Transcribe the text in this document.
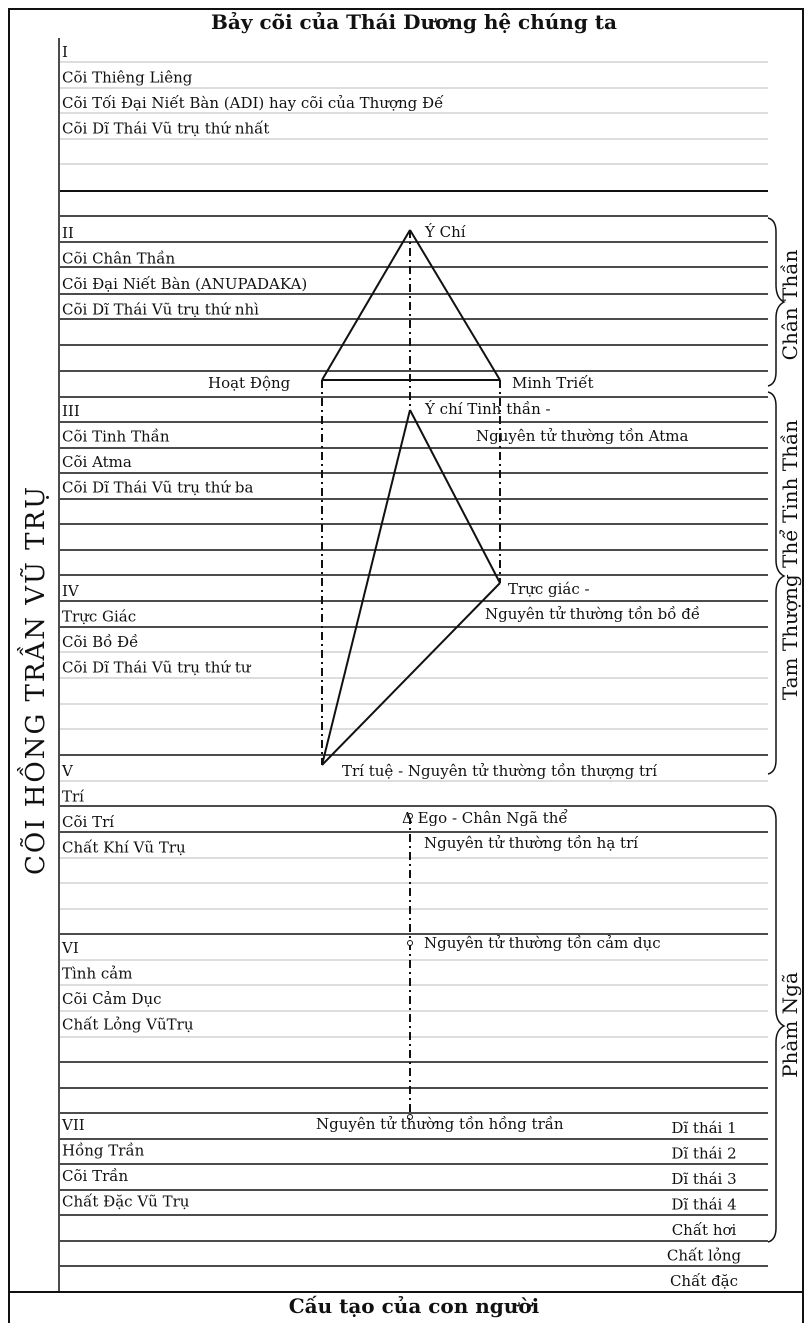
Bảy cõi của Thái Dương hệ chúng ta
Cấu tạo của con người
CÕI HỒNG TRẦN VŨ TRỤ
Chân Thần
Tam Thượng Thể Tinh Thần
Phàm Ngã
I
Cõi Thiêng Liêng
Cõi Tối Đại Niết Bàn (ADI) hay cõi của Thượng Đế
Cõi Dĩ Thái Vũ trụ thứ nhất
II
Cõi Chân Thần
Cõi Đại Niết Bàn (ANUPADAKA)
Cõi Dĩ Thái Vũ trụ thứ nhì
III
Cõi Tinh Thần
Cõi Atma
Cõi Dĩ Thái Vũ trụ thứ ba
IV
Trực Giác
Cõi Bồ Đề
Cõi Dĩ Thái Vũ trụ thứ tư
V
Trí
Cõi Trí
Chất Khí Vũ Trụ
VI
Tình cảm
Cõi Cảm Dục
Chất Lỏng VũTrụ
VII
Hồng Trần
Cõi Trần
Chất Đặc Vũ Trụ
Ý Chí
Hoạt Động	Minh Triết
Ý chí Tinh thần -
Nguyên tử thường tồn Atma
Trực giác -
Nguyên tử thường tồn bồ đề
Trí tuệ - Nguyên tử thường tồn thượng trí
Δ Ego - Chân Ngã thể
Nguyên tử thường tồn hạ trí
Nguyên tử thường tồn cảm dục
Nguyên tử thường tồn hồng trần	Dĩ thái 1
Dĩ thái 2
Dĩ thái 3
Dĩ thái 4
Chất hơi
Chất lỏng
Chất đặc
